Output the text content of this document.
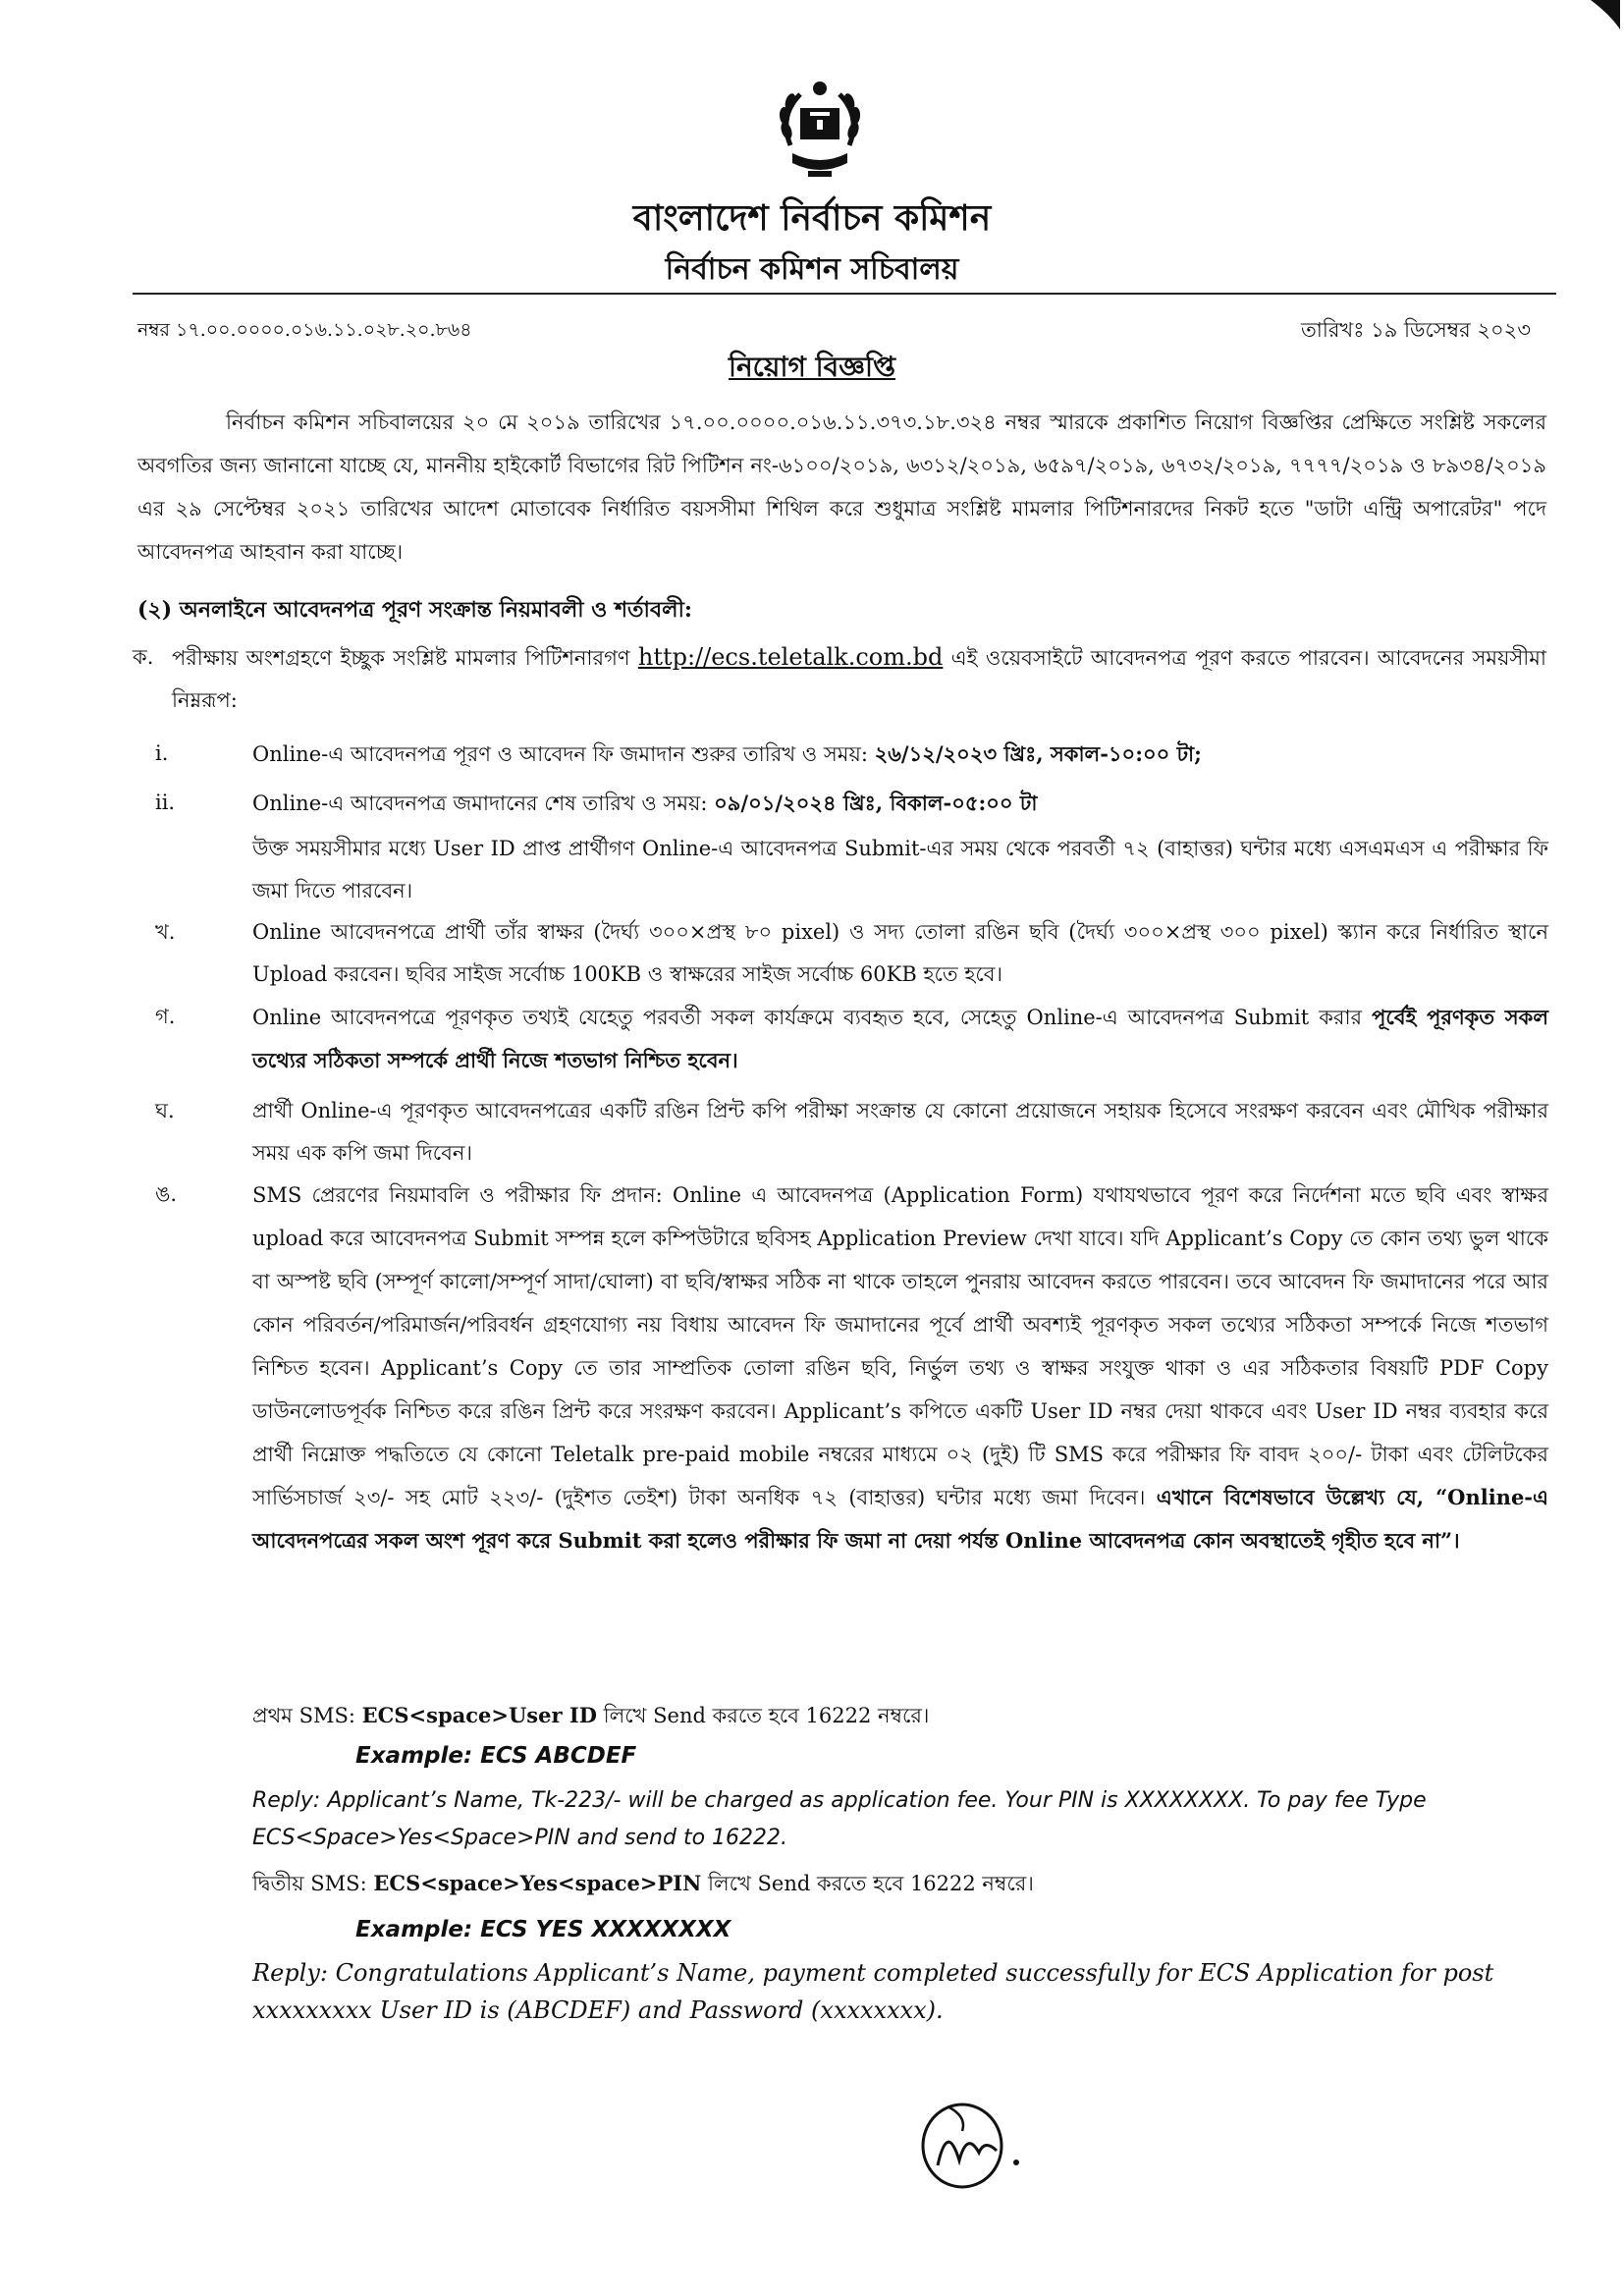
বাংলাদেশ নির্বাচন কমিশন
নির্বাচন কমিশন সচিবালয়
নম্বর ১৭.০০.০০০০.০১৬.১১.০২৮.২০.৮৬৪	তারিখঃ ১৯ ডিসেম্বর ২০২৩
নিয়োগ বিজ্ঞপ্তি
নির্বাচন কমিশন সচিবালয়ের ২০ মে ২০১৯ তারিখের ১৭.০০.০০০০.০১৬.১১.৩৭৩.১৮.৩২৪ নম্বর স্মারকে প্রকাশিত নিয়োগ বিজ্ঞপ্তির প্রেক্ষিতে সংশ্লিষ্ট সকলের অবগতির জন্য জানানো যাচ্ছে যে, মাননীয় হাইকোর্ট বিভাগের রিট পিটিশন নং-৬১০০/২০১৯, ৬৩১২/২০১৯, ৬৫৯৭/২০১৯, ৬৭৩২/২০১৯, ৭৭৭৭/২০১৯ ও ৮৯৩৪/২০১৯ এর ২৯ সেপ্টেম্বর ২০২১ তারিখের আদেশ মোতাবেক নির্ধারিত বয়সসীমা শিথিল করে শুধুমাত্র সংশ্লিষ্ট মামলার পিটিশনারদের নিকট হতে "ডাটা এন্ট্রি অপারেটর" পদে আবেদনপত্র আহবান করা যাচ্ছে।
(২) অনলাইনে আবেদনপত্র পূরণ সংক্রান্ত নিয়মাবলী ও শর্তাবলী:
ক. পরীক্ষায় অংশগ্রহণে ইচ্ছুক সংশ্লিষ্ট মামলার পিটিশনারগণ http://ecs.teletalk.com.bd এই ওয়েবসাইটে আবেদনপত্র পূরণ করতে পারবেন। আবেদনের সময়সীমা নিম্নরূপ:
i.	Online-এ আবেদনপত্র পূরণ ও আবেদন ফি জমাদান শুরুর তারিখ ও সময়: ২৬/১২/২০২৩ খ্রিঃ, সকাল-১০:০০ টা;
ii.	Online-এ আবেদনপত্র জমাদানের শেষ তারিখ ও সময়: ০৯/০১/২০২৪ খ্রিঃ, বিকাল-০৫:০০ টা
উক্ত সময়সীমার মধ্যে User ID প্রাপ্ত প্রার্থীগণ Online-এ আবেদনপত্র Submit-এর সময় থেকে পরবর্তী ৭২ (বাহাত্তর) ঘন্টার মধ্যে এসএমএস এ পরীক্ষার ফি জমা দিতে পারবেন।
খ.	Online আবেদনপত্রে প্রার্থী তাঁর স্বাক্ষর (দৈর্ঘ্য ৩০০×প্রস্থ ৮০ pixel) ও সদ্য তোলা রঙিন ছবি (দৈর্ঘ্য ৩০০×প্রস্থ ৩০০ pixel) স্ক্যান করে নির্ধারিত স্থানে Upload করবেন। ছবির সাইজ সর্বোচ্চ 100KB ও স্বাক্ষরের সাইজ সর্বোচ্চ 60KB হতে হবে।
গ.	Online আবেদনপত্রে পূরণকৃত তথ্যই যেহেতু পরবর্তী সকল কার্যক্রমে ব্যবহৃত হবে, সেহেতু Online-এ আবেদনপত্র Submit করার পূর্বেই পূরণকৃত সকল তথ্যের সঠিকতা সম্পর্কে প্রার্থী নিজে শতভাগ নিশ্চিত হবেন।
ঘ.	প্রার্থী Online-এ পূরণকৃত আবেদনপত্রের একটি রঙিন প্রিন্ট কপি পরীক্ষা সংক্রান্ত যে কোনো প্রয়োজনে সহায়ক হিসেবে সংরক্ষণ করবেন এবং মৌখিক পরীক্ষার সময় এক কপি জমা দিবেন।
ঙ.	SMS প্রেরণের নিয়মাবলি ও পরীক্ষার ফি প্রদান: Online এ আবেদনপত্র (Application Form) যথাযথভাবে পূরণ করে নির্দেশনা মতে ছবি এবং স্বাক্ষর upload করে আবেদনপত্র Submit সম্পন্ন হলে কম্পিউটারে ছবিসহ Application Preview দেখা যাবে। যদি Applicant’s Copy তে কোন তথ্য ভুল থাকে বা অস্পষ্ট ছবি (সম্পূর্ণ কালো/সম্পূর্ণ সাদা/ঘোলা) বা ছবি/স্বাক্ষর সঠিক না থাকে তাহলে পুনরায় আবেদন করতে পারবেন। তবে আবেদন ফি জমাদানের পরে আর কোন পরিবর্তন/পরিমার্জন/পরিবর্ধন গ্রহণযোগ্য নয় বিধায় আবেদন ফি জমাদানের পূর্বে প্রার্থী অবশ্যই পূরণকৃত সকল তথ্যের সঠিকতা সম্পর্কে নিজে শতভাগ নিশ্চিত হবেন। Applicant’s Copy তে তার সাম্প্রতিক তোলা রঙিন ছবি, নির্ভুল তথ্য ও স্বাক্ষর সংযুক্ত থাকা ও এর সঠিকতার বিষয়টি PDF Copy ডাউনলোডপূর্বক নিশ্চিত করে রঙিন প্রিন্ট করে সংরক্ষণ করবেন। Applicant’s কপিতে একটি User ID নম্বর দেয়া থাকবে এবং User ID নম্বর ব্যবহার করে প্রার্থী নিম্নোক্ত পদ্ধতিতে যে কোনো Teletalk pre-paid mobile নম্বরের মাধ্যমে ০২ (দুই) টি SMS করে পরীক্ষার ফি বাবদ ২০০/- টাকা এবং টেলিটকের সার্ভিসচার্জ ২৩/- সহ মোট ২২৩/- (দুইশত তেইশ) টাকা অনধিক ৭২ (বাহাত্তর) ঘন্টার মধ্যে জমা দিবেন। এখানে বিশেষভাবে উল্লেখ্য যে, “Online-এ আবেদনপত্রের সকল অংশ পূরণ করে Submit করা হলেও পরীক্ষার ফি জমা না দেয়া পর্যন্ত Online আবেদনপত্র কোন অবস্থাতেই গৃহীত হবে না”।
প্রথম SMS: ECS<space>User ID লিখে Send করতে হবে 16222 নম্বরে।
Example: ECS ABCDEF
Reply: Applicant’s Name, Tk-223/- will be charged as application fee. Your PIN is XXXXXXXX. To pay fee Type ECS<Space>Yes<Space>PIN and send to 16222.
দ্বিতীয় SMS: ECS<space>Yes<space>PIN লিখে Send করতে হবে 16222 নম্বরে।
Example: ECS YES XXXXXXXX
Reply: Congratulations Applicant’s Name, payment completed successfully for ECS Application for post xxxxxxxxx User ID is (ABCDEF) and Password (xxxxxxxx).
